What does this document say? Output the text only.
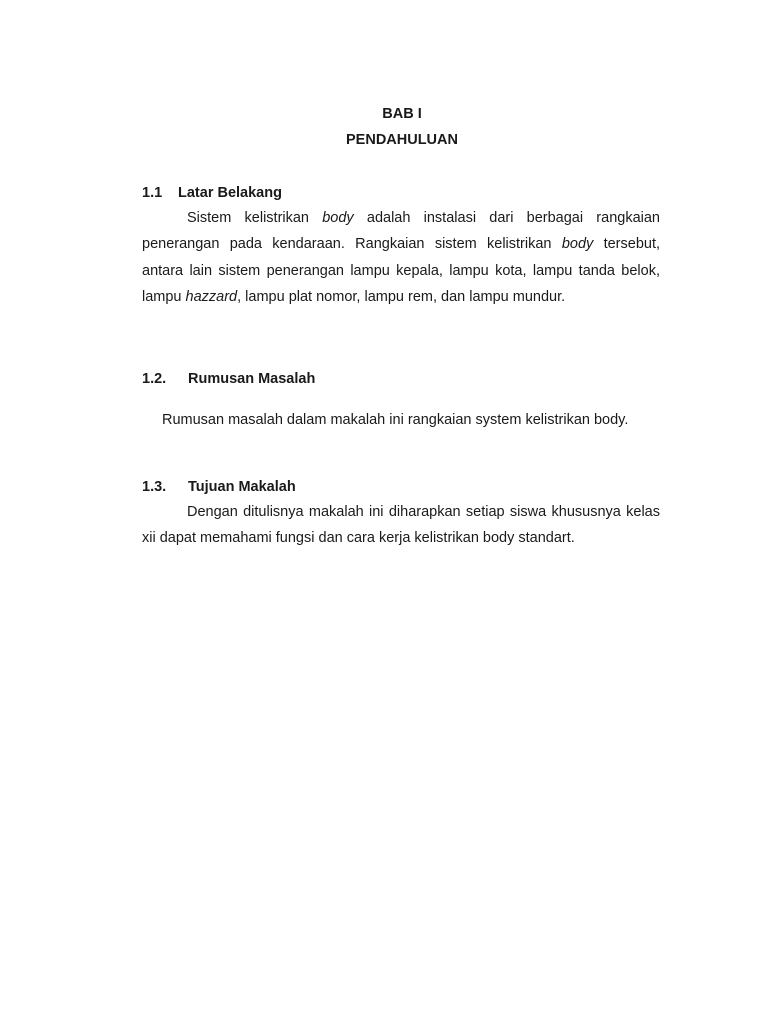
BAB I
PENDAHULUAN
1.1 Latar Belakang
Sistem kelistrikan body adalah instalasi dari berbagai rangkaian penerangan pada kendaraan. Rangkaian sistem kelistrikan body tersebut, antara lain sistem penerangan lampu kepala, lampu kota, lampu tanda belok, lampu hazzard, lampu plat nomor, lampu rem, dan lampu mundur.
1.2. Rumusan Masalah
Rumusan masalah dalam makalah ini rangkaian system kelistrikan body.
1.3. Tujuan Makalah
Dengan ditulisnya makalah ini diharapkan setiap siswa khususnya kelas xii dapat memahami fungsi dan cara kerja kelistrikan body standart.
